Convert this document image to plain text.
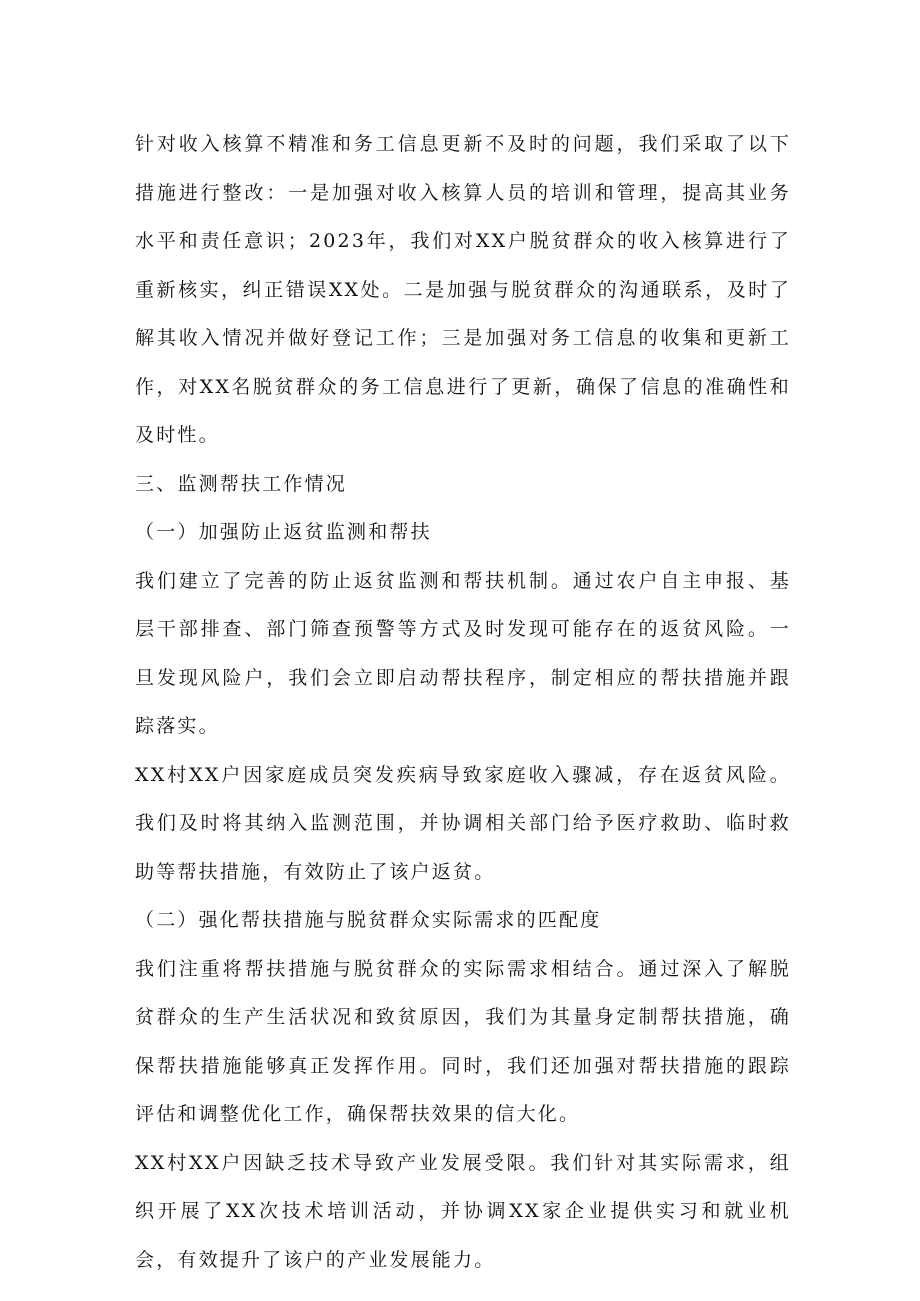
针对收入核算不精准和务工信息更新不及时的问题，我们采取了以下措施进行整改：一是加强对收入核算人员的培训和管理，提高其业务水平和责任意识；2023年，我们对XX户脱贫群众的收入核算进行了重新核实，纠正错误XX处。二是加强与脱贫群众的沟通联系，及时了解其收入情况并做好登记工作；三是加强对务工信息的收集和更新工作，对XX名脱贫群众的务工信息进行了更新，确保了信息的准确性和及时性。

三、监测帮扶工作情况

（一）加强防止返贫监测和帮扶

我们建立了完善的防止返贫监测和帮扶机制。通过农户自主申报、基层干部排查、部门筛查预警等方式及时发现可能存在的返贫风险。一旦发现风险户，我们会立即启动帮扶程序，制定相应的帮扶措施并跟踪落实。

XX村XX户因家庭成员突发疾病导致家庭收入骤减，存在返贫风险。我们及时将其纳入监测范围，并协调相关部门给予医疗救助、临时救助等帮扶措施，有效防止了该户返贫。

（二）强化帮扶措施与脱贫群众实际需求的匹配度

我们注重将帮扶措施与脱贫群众的实际需求相结合。通过深入了解脱贫群众的生产生活状况和致贫原因，我们为其量身定制帮扶措施，确保帮扶措施能够真正发挥作用。同时，我们还加强对帮扶措施的跟踪评估和调整优化工作，确保帮扶效果的信大化。

XX村XX户因缺乏技术导致产业发展受限。我们针对其实际需求，组织开展了XX次技术培训活动，并协调XX家企业提供实习和就业机会，有效提升了该户的产业发展能力。
